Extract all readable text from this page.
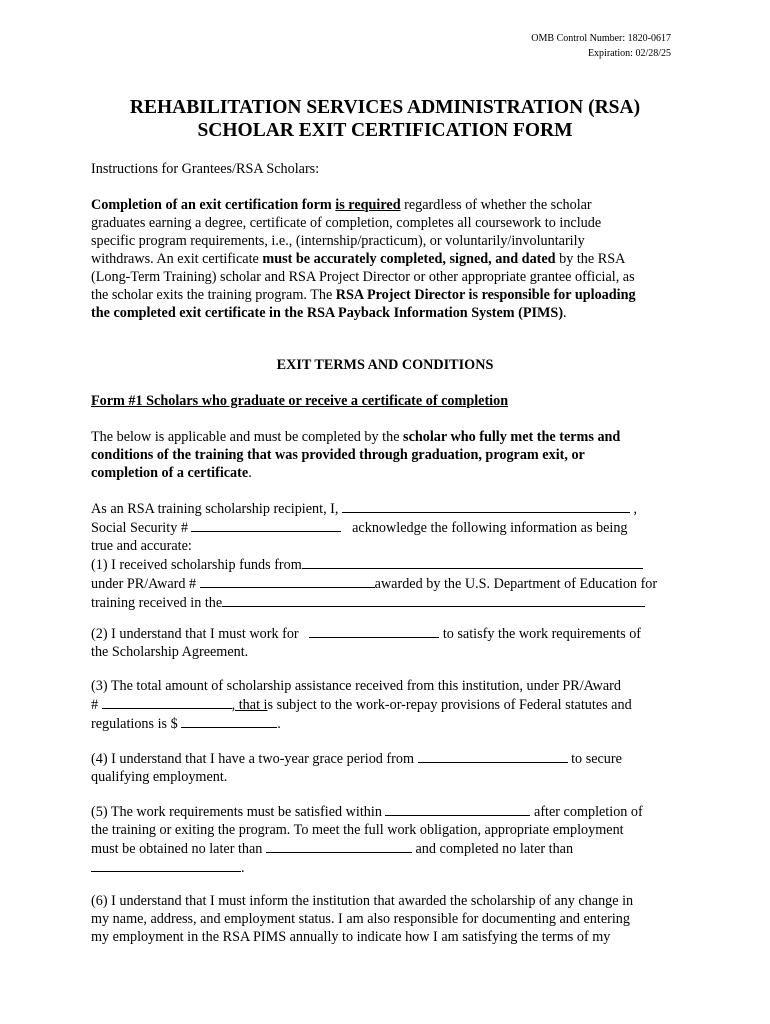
OMB Control Number: 1820-0617
Expiration: 02/28/25
REHABILITATION SERVICES ADMINISTRATION (RSA)
SCHOLAR EXIT CERTIFICATION FORM
Instructions for Grantees/RSA Scholars:
Completion of an exit certification form is required regardless of whether the scholar
graduates earning a degree, certificate of completion, completes all coursework to include
specific program requirements, i.e., (internship/practicum), or voluntarily/involuntarily
withdraws. An exit certificate must be accurately completed, signed, and dated by the RSA
(Long-Term Training) scholar and RSA Project Director or other appropriate grantee official, as
the scholar exits the training program. The RSA Project Director is responsible for uploading
the completed exit certificate in the RSA Payback Information System (PIMS).
EXIT TERMS AND CONDITIONS
Form #1 Scholars who graduate or receive a certificate of completion
The below is applicable and must be completed by the scholar who fully met the terms and
conditions of the training that was provided through graduation, program exit, or
completion of a certificate.
As an RSA training scholarship recipient, I,	,
Social Security #	acknowledge the following information as being
true and accurate:
(1) I received scholarship funds from
under PR/Award #	awarded by the U.S. Department of Education for
training received in the
(2) I understand that I must work for	to satisfy the work requirements of
the Scholarship Agreement.
(3) The total amount of scholarship assistance received from this institution, under PR/Award
#	, that is subject to the work-or-repay provisions of Federal statutes and
regulations is $	.
(4) I understand that I have a two-year grace period from	to secure
qualifying employment.
(5) The work requirements must be satisfied within	after completion of
the training or exiting the program. To meet the full work obligation, appropriate employment
must be obtained no later than	and completed no later than
.
(6) I understand that I must inform the institution that awarded the scholarship of any change in
my name, address, and employment status. I am also responsible for documenting and entering
my employment in the RSA PIMS annually to indicate how I am satisfying the terms of my
